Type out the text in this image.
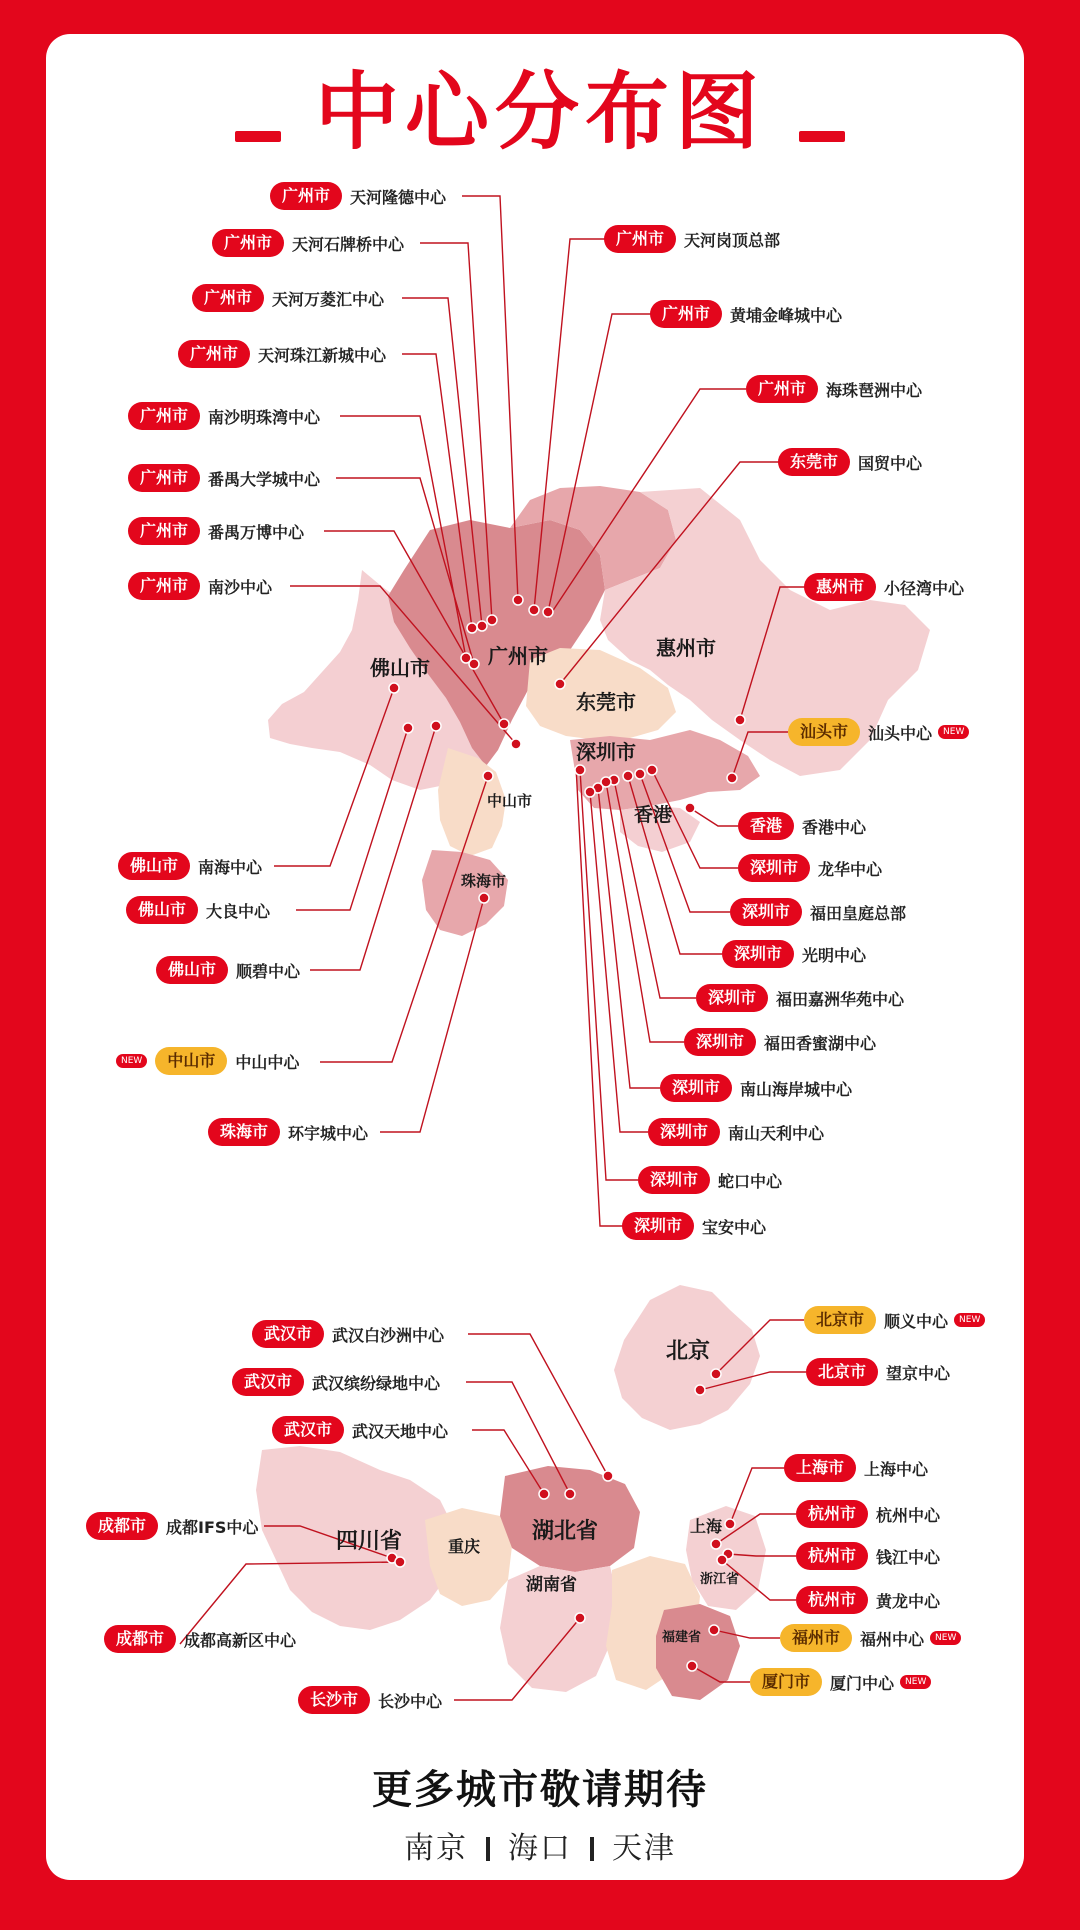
中心分布图
佛山市	广州市	惠州市
东莞市
深圳市
香港
中山市
珠海市
北京
四川省	重庆
湖北省
湖南省
上海
浙江省
福建省
广州市	天河隆德中心
广州市	天河石牌桥中心
广州市	天河万菱汇中心
广州市	天河珠江新城中心
广州市	南沙明珠湾中心
广州市	番禺大学城中心
广州市	番禺万博中心
广州市	南沙中心
广州市	天河岗顶总部
广州市	黄埔金峰城中心
广州市	海珠琶洲中心
东莞市	国贸中心
惠州市	小径湾中心
汕头市	汕头中心	NEW
香港	香港中心
深圳市	龙华中心
深圳市	福田皇庭总部
深圳市	光明中心
深圳市	福田嘉洲华苑中心
深圳市	福田香蜜湖中心
深圳市	南山海岸城中心
深圳市	南山天利中心
深圳市	蛇口中心
深圳市	宝安中心
佛山市	南海中心
佛山市	大良中心
佛山市	顺碧中心
NEW	中山市	中山中心
珠海市	环宇城中心
武汉市	武汉白沙洲中心
武汉市	武汉缤纷绿地中心
武汉市	武汉天地中心
成都市	成都IFS中心
成都市	成都高新区中心
长沙市	长沙中心
北京市	顺义中心	NEW
北京市	望京中心
上海市	上海中心
杭州市	杭州中心
杭州市	钱江中心
杭州市	黄龙中心
福州市	福州中心	NEW
厦门市	厦门中心	NEW
更多城市敬请期待
南京 海口 天津
